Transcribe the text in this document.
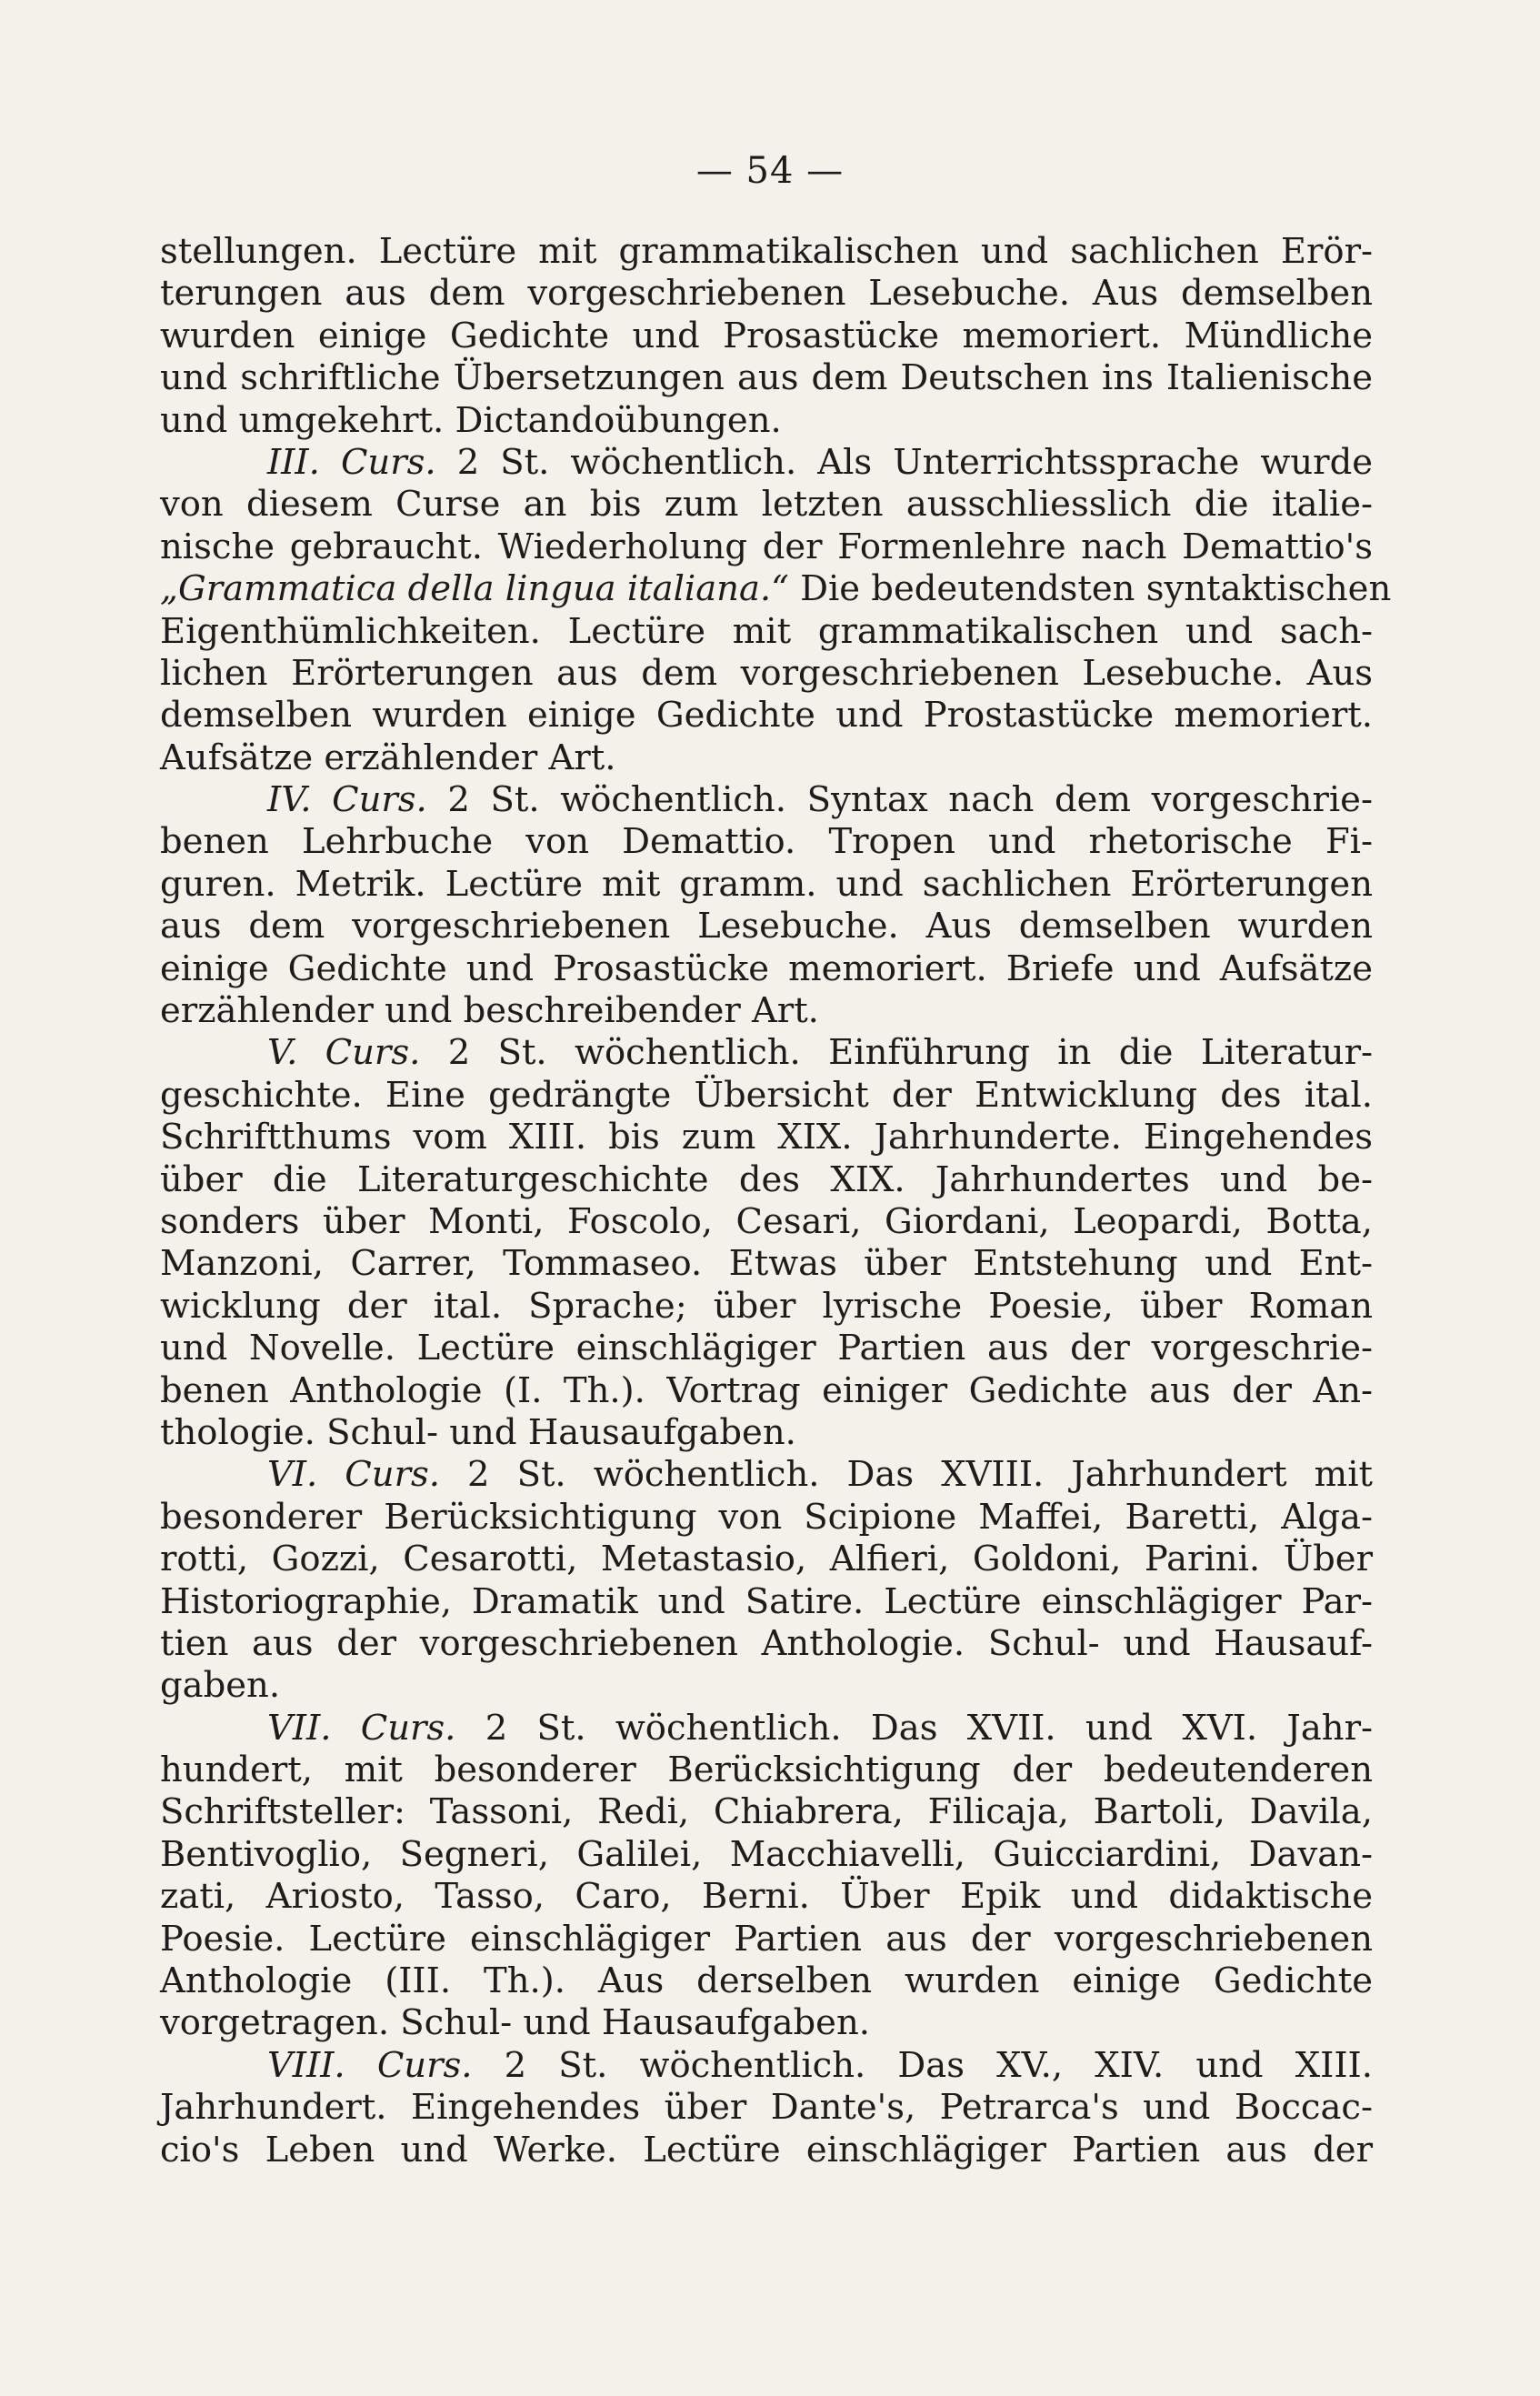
— 54 —
stellungen. Lectüre mit grammatikalischen und sachlichen Erör-
terungen aus dem vorgeschriebenen Lesebuche. Aus demselben
wurden einige Gedichte und Prosastücke memoriert. Mündliche
und schriftliche Übersetzungen aus dem Deutschen ins Italienische
und umgekehrt. Dictandoübungen.
III. Curs. 2 St. wöchentlich. Als Unterrichtssprache wurde
von diesem Curse an bis zum letzten ausschliesslich die italie-
nische gebraucht. Wiederholung der Formenlehre nach Demattio's
„Grammatica della lingua italiana.“ Die bedeutendsten syntaktischen
Eigenthümlichkeiten. Lectüre mit grammatikalischen und sach-
lichen Erörterungen aus dem vorgeschriebenen Lesebuche. Aus
demselben wurden einige Gedichte und Prostastücke memoriert.
Aufsätze erzählender Art.
IV. Curs. 2 St. wöchentlich. Syntax nach dem vorgeschrie-
benen Lehrbuche von Demattio. Tropen und rhetorische Fi-
guren. Metrik. Lectüre mit gramm. und sachlichen Erörterungen
aus dem vorgeschriebenen Lesebuche. Aus demselben wurden
einige Gedichte und Prosastücke memoriert. Briefe und Aufsätze
erzählender und beschreibender Art.
V. Curs. 2 St. wöchentlich. Einführung in die Literatur-
geschichte. Eine gedrängte Übersicht der Entwicklung des ital.
Schriftthums vom XIII. bis zum XIX. Jahrhunderte. Eingehendes
über die Literaturgeschichte des XIX. Jahrhundertes und be-
sonders über Monti, Foscolo, Cesari, Giordani, Leopardi, Botta,
Manzoni, Carrer, Tommaseo. Etwas über Entstehung und Ent-
wicklung der ital. Sprache; über lyrische Poesie, über Roman
und Novelle. Lectüre einschlägiger Partien aus der vorgeschrie-
benen Anthologie (I. Th.). Vortrag einiger Gedichte aus der An-
thologie. Schul- und Hausaufgaben.
VI. Curs. 2 St. wöchentlich. Das XVIII. Jahrhundert mit
besonderer Berücksichtigung von Scipione Maffei, Baretti, Alga-
rotti, Gozzi, Cesarotti, Metastasio, Alfieri, Goldoni, Parini. Über
Historiographie, Dramatik und Satire. Lectüre einschlägiger Par-
tien aus der vorgeschriebenen Anthologie. Schul- und Hausauf-
gaben.
VII. Curs. 2 St. wöchentlich. Das XVII. und XVI. Jahr-
hundert, mit besonderer Berücksichtigung der bedeutenderen
Schriftsteller: Tassoni, Redi, Chiabrera, Filicaja, Bartoli, Davila,
Bentivoglio, Segneri, Galilei, Macchiavelli, Guicciardini, Davan-
zati, Ariosto, Tasso, Caro, Berni. Über Epik und didaktische
Poesie. Lectüre einschlägiger Partien aus der vorgeschriebenen
Anthologie (III. Th.). Aus derselben wurden einige Gedichte
vorgetragen. Schul- und Hausaufgaben.
VIII. Curs. 2 St. wöchentlich. Das XV., XIV. und XIII.
Jahrhundert. Eingehendes über Dante's, Petrarca's und Boccac-
cio's Leben und Werke. Lectüre einschlägiger Partien aus der
